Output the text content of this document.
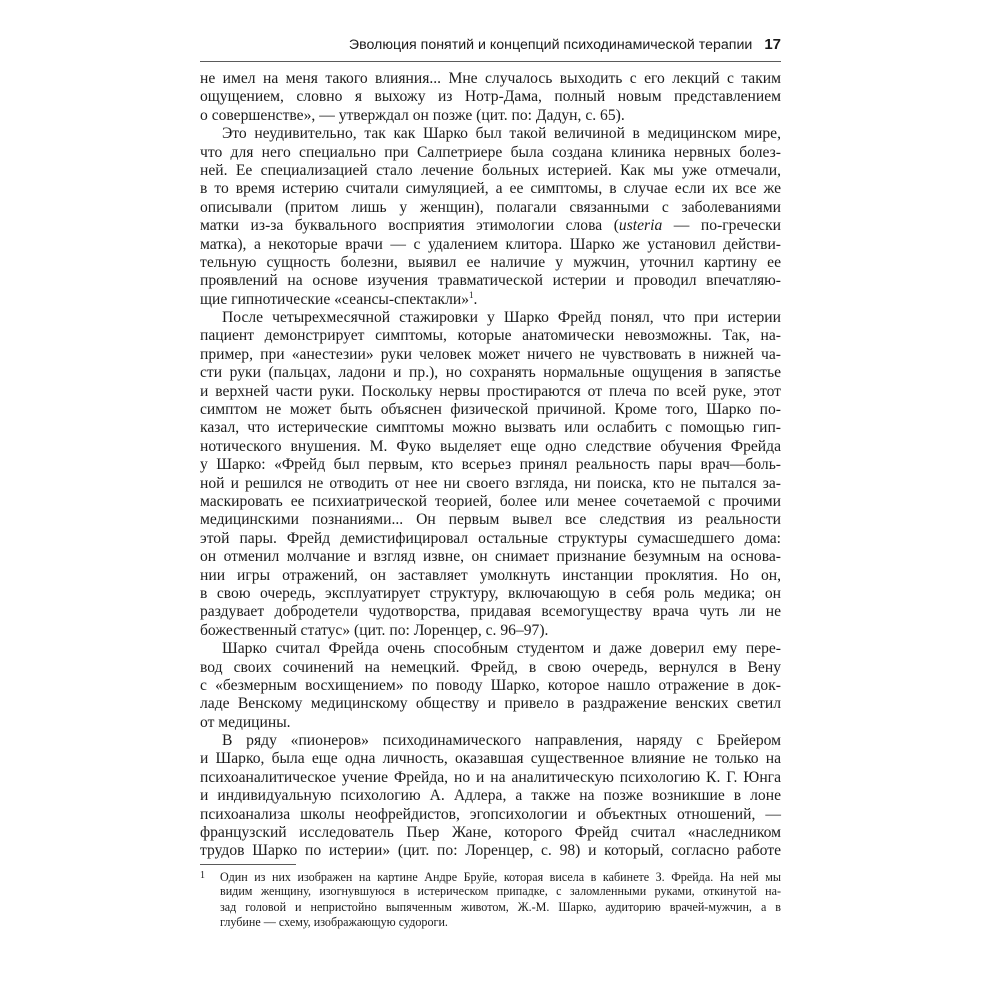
Эволюция понятий и концепций психодинамической терапии 17
не имел на меня такого влияния... Мне случалось выходить с его лекций с таким
ощущением, словно я выхожу из Нотр-Дама, полный новым представлением
о совершенстве», — утверждал он позже (цит. по: Дадун, с. 65).
Это неудивительно, так как Шарко был такой величиной в медицинском мире,
что для него специально при Салпетриере была создана клиника нервных болез-
ней. Ее специализацией стало лечение больных истерией. Как мы уже отмечали,
в то время истерию считали симуляцией, а ее симптомы, в случае если их все же
описывали (притом лишь у женщин), полагали связанными с заболеваниями
матки из-за буквального восприятия этимологии слова (usteria — по-гречески
матка), а некоторые врачи — с удалением клитора. Шарко же установил действи-
тельную сущность болезни, выявил ее наличие у мужчин, уточнил картину ее
проявлений на основе изучения травматической истерии и проводил впечатляю-
щие гипнотические «сеансы-спектакли»$^1$.
После четырехмесячной стажировки у Шарко Фрейд понял, что при истерии
пациент демонстрирует симптомы, которые анатомически невозможны. Так, на-
пример, при «анестезии» руки человек может ничего не чувствовать в нижней ча-
сти руки (пальцах, ладони и пр.), но сохранять нормальные ощущения в запястье
и верхней части руки. Поскольку нервы простираются от плеча по всей руке, этот
симптом не может быть объяснен физической причиной. Кроме того, Шарко по-
казал, что истерические симптомы можно вызвать или ослабить с помощью гип-
нотического внушения. М. Фуко выделяет еще одно следствие обучения Фрейда
у Шарко: «Фрейд был первым, кто всерьез принял реальность пары врач—боль-
ной и решился не отводить от нее ни своего взгляда, ни поиска, кто не пытался за-
маскировать ее психиатрической теорией, более или менее сочетаемой с прочими
медицинскими познаниями... Он первым вывел все следствия из реальности
этой пары. Фрейд демистифицировал остальные структуры сумасшедшего дома:
он отменил молчание и взгляд извне, он снимает признание безумным на основа-
нии игры отражений, он заставляет умолкнуть инстанции проклятия. Но он,
в свою очередь, эксплуатирует структуру, включающую в себя роль медика; он
раздувает добродетели чудотворства, придавая всемогуществу врача чуть ли не
божественный статус» (цит. по: Лоренцер, с. 96–97).
Шарко считал Фрейда очень способным студентом и даже доверил ему пере-
вод своих сочинений на немецкий. Фрейд, в свою очередь, вернулся в Вену
с «безмерным восхищением» по поводу Шарко, которое нашло отражение в док-
ладе Венскому медицинскому обществу и привело в раздражение венских светил
от медицины.
В ряду «пионеров» психодинамического направления, наряду с Брейером
и Шарко, была еще одна личность, оказавшая существенное влияние не только на
психоаналитическое учение Фрейда, но и на аналитическую психологию К. Г. Юнга
и индивидуальную психологию А. Адлера, а также на позже возникшие в лоне
психоанализа школы неофрейдистов, эгопсихологии и объектных отношений, —
французский исследователь Пьер Жане, которого Фрейд считал «наследником
трудов Шарко по истерии» (цит. по: Лоренцер, с. 98) и который, согласно работе
1 Один из них изображен на картине Андре Бруйе, которая висела в кабинете З. Фрейда. На ней мы
видим женщину, изогнувшуюся в истерическом припадке, с заломленными руками, откинутой на-
зад головой и непристойно выпяченным животом, Ж.-М. Шарко, аудиторию врачей-мужчин, а в
глубине — схему, изображающую судороги.
